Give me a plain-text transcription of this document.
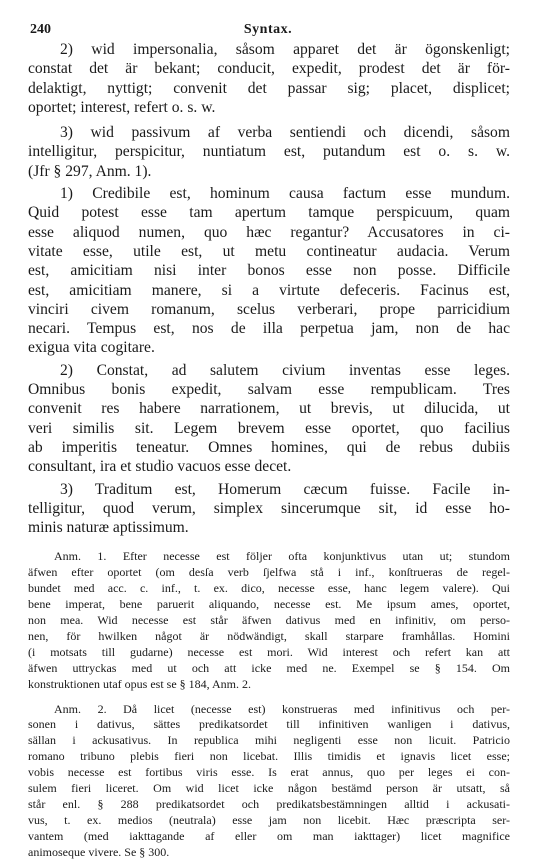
240	Syntax.
2) wid impersonalia, såsom apparet det är ögonskenligt;
constat det är bekant; conducit, expedit, prodest det är för-
delaktigt, nyttigt; convenit det passar sig; placet, displicet;
oportet; interest, refert o. s. w.
3) wid passivum af verba sentiendi och dicendi, såsom
intelligitur, perspicitur, nuntiatum est, putandum est o. s. w.
(Jfr § 297, Anm. 1).
1) Credibile est, hominum causa factum esse mundum.
Quid potest esse tam apertum tamque perspicuum, quam
esse aliquod numen, quo hæc regantur? Accusatores in ci-
vitate esse, utile est, ut metu contineatur audacia. Verum
est, amicitiam nisi inter bonos esse non posse. Difficile
est, amicitiam manere, si a virtute defeceris. Facinus est,
vinciri civem romanum, scelus verberari, prope parricidium
necari. Tempus est, nos de illa perpetua jam, non de hac
exigua vita cogitare.
2) Constat, ad salutem civium inventas esse leges.
Omnibus bonis expedit, salvam esse rempublicam. Tres
convenit res habere narrationem, ut brevis, ut dilucida, ut
veri similis sit. Legem brevem esse oportet, quo facilius
ab imperitis teneatur. Omnes homines, qui de rebus dubiis
consultant, ira et studio vacuos esse decet.
3) Traditum est, Homerum cæcum fuisse. Facile in-
telligitur, quod verum, simplex sincerumque sit, id esse ho-
minis naturæ aptissimum.
Anm. 1. Efter necesse est följer ofta konjunktivus utan ut; stundom
äfwen efter oportet (om desſa verb ſjelfwa stå i inf., konſtrueras de regel-
bundet med acc. c. inf., t. ex. dico, necesse esse, hanc legem valere). Qui
bene imperat, bene paruerit aliquando, necesse est. Me ipsum ames, oportet,
non mea. Wid necesse est står äfwen dativus med en infinitiv, om perso-
nen, för hwilken något är nödwändigt, skall starpare framhållas. Homini
(i motsats till gudarne) necesse est mori. Wid interest och refert kan att
äfwen uttryckas med ut och att icke med ne. Exempel se § 154. Om
konstruktionen utaf opus est se § 184, Anm. 2.
Anm. 2. Då licet (necesse est) konstrueras med infinitivus och per-
sonen i dativus, sättes predikatsordet till infinitiven wanligen i dativus,
sällan i ackusativus. In republica mihi negligenti esse non licuit. Patricio
romano tribuno plebis fieri non licebat. Illis timidis et ignavis licet esse;
vobis necesse est fortibus viris esse. Is erat annus, quo per leges ei con-
sulem fieri liceret. Om wid licet icke någon bestämd person är utsatt, så
står enl. § 288 predikatsordet och predikatsbestämningen alltid i ackusati-
vus, t. ex. medios (neutrala) esse jam non licebit. Hæc præscripta ser-
vantem (med iakttagande af eller om man iakttager) licet magnifice
animoseque vivere. Se § 300.
